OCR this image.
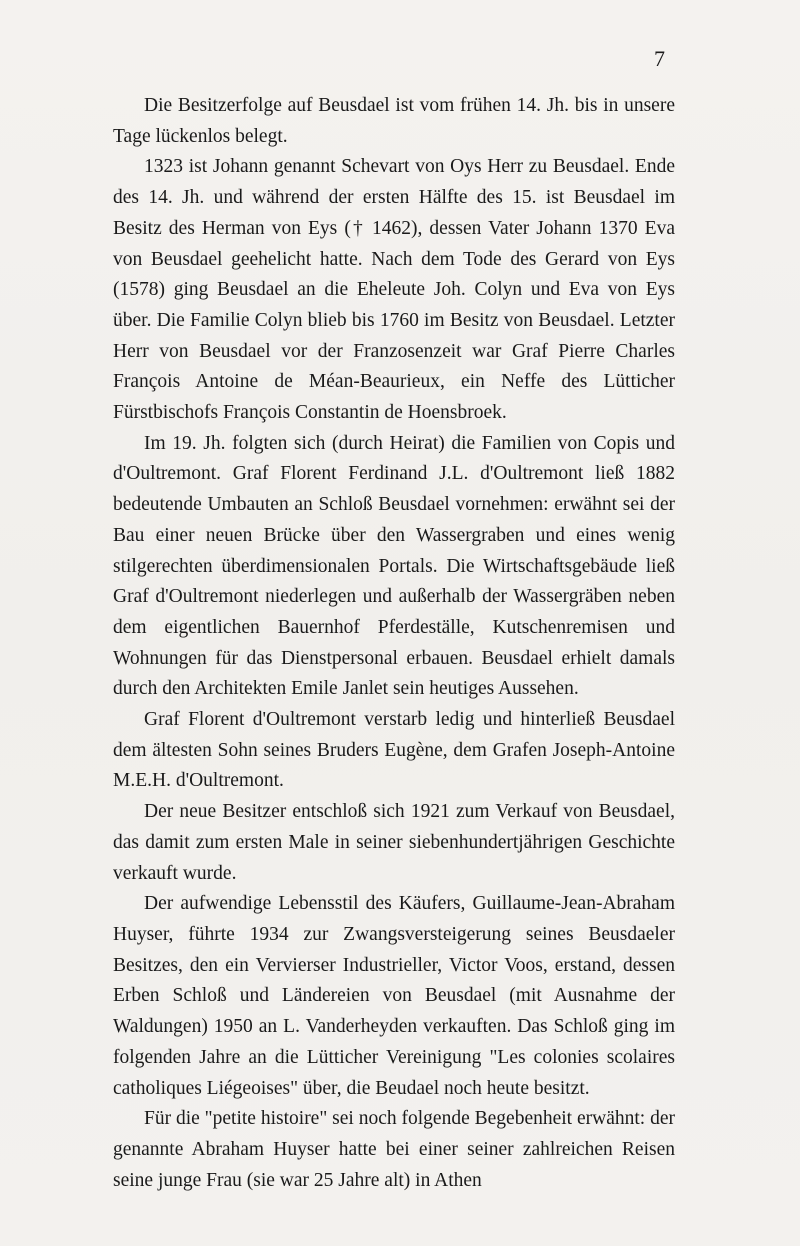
7

Die Besitzerfolge auf Beusdael ist vom frühen 14. Jh. bis in unsere Tage lückenlos belegt.

1323 ist Johann genannt Schevart von Oys Herr zu Beusdael. Ende des 14. Jh. und während der ersten Hälfte des 15. ist Beusdael im Besitz des Herman von Eys († 1462), dessen Vater Johann 1370 Eva von Beusdael geehelicht hatte. Nach dem Tode des Gerard von Eys (1578) ging Beusdael an die Eheleute Joh. Colyn und Eva von Eys über. Die Familie Colyn blieb bis 1760 im Besitz von Beusdael. Letzter Herr von Beusdael vor der Franzosenzeit war Graf Pierre Charles François Antoine de Méan-Beaurieux, ein Neffe des Lütticher Fürstbischofs François Constantin de Hoensbroek.

Im 19. Jh. folgten sich (durch Heirat) die Familien von Copis und d'Oultremont. Graf Florent Ferdinand J.L. d'Oultremont ließ 1882 bedeutende Umbauten an Schloß Beusdael vornehmen: erwähnt sei der Bau einer neuen Brücke über den Wassergraben und eines wenig stilgerechten überdimensionalen Portals. Die Wirtschaftsgebäude ließ Graf d'Oultremont niederlegen und außerhalb der Wassergräben neben dem eigentlichen Bauernhof Pferdeställe, Kutschenremisen und Wohnungen für das Dienstpersonal erbauen. Beusdael erhielt damals durch den Architekten Emile Janlet sein heutiges Aussehen.

Graf Florent d'Oultremont verstarb ledig und hinterließ Beusdael dem ältesten Sohn seines Bruders Eugène, dem Grafen Joseph-Antoine M.E.H. d'Oultremont.

Der neue Besitzer entschloß sich 1921 zum Verkauf von Beusdael, das damit zum ersten Male in seiner siebenhundertjährigen Geschichte verkauft wurde.

Der aufwendige Lebensstil des Käufers, Guillaume-Jean-Abraham Huyser, führte 1934 zur Zwangsversteigerung seines Beusdaeler Besitzes, den ein Vervierser Industrieller, Victor Voos, erstand, dessen Erben Schloß und Ländereien von Beusdael (mit Ausnahme der Waldungen) 1950 an L. Vanderheyden verkauften. Das Schloß ging im folgenden Jahre an die Lütticher Vereinigung "Les colonies scolaires catholiques Liégeoises" über, die Beudael noch heute besitzt.

Für die "petite histoire" sei noch folgende Begebenheit erwähnt: der genannte Abraham Huyser hatte bei einer seiner zahlreichen Reisen seine junge Frau (sie war 25 Jahre alt) in Athen
